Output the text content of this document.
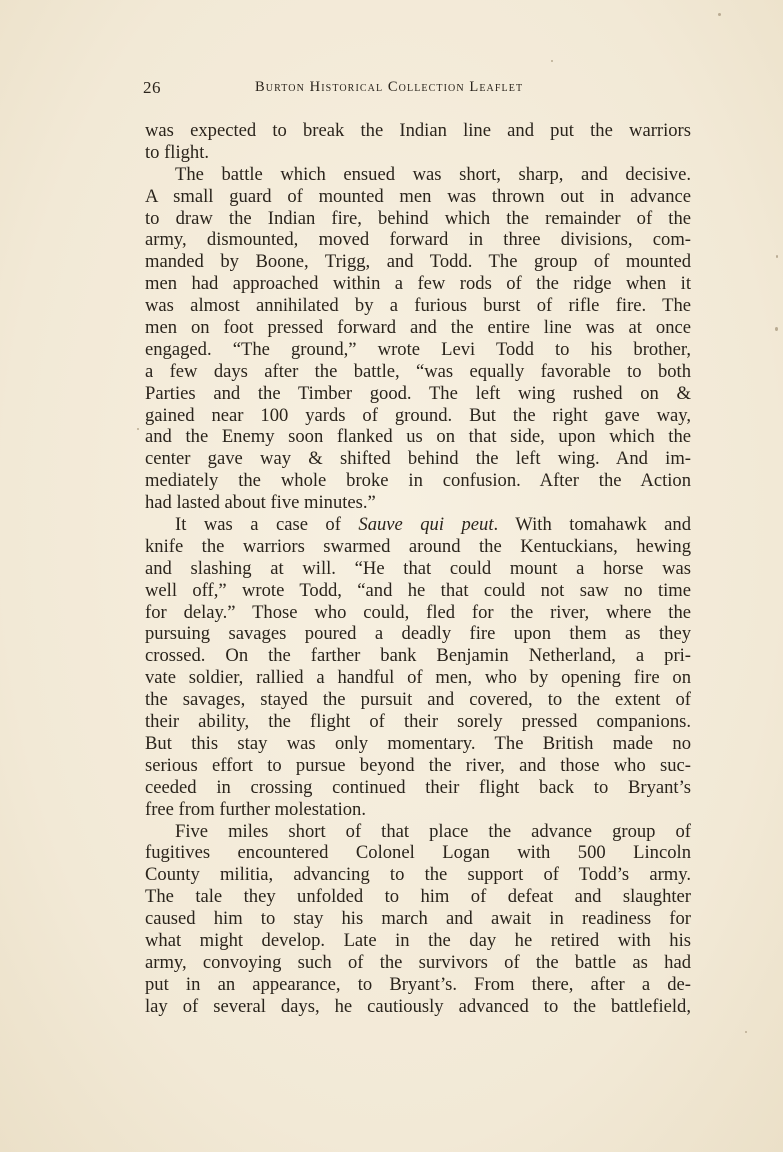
26	Burton Historical Collection Leaflet
was expected to break the Indian line and put the warriors
to flight.
The battle which ensued was short, sharp, and decisive.
A small guard of mounted men was thrown out in advance
to draw the Indian fire, behind which the remainder of the
army, dismounted, moved forward in three divisions, com-
manded by Boone, Trigg, and Todd. The group of mounted
men had approached within a few rods of the ridge when it
was almost annihilated by a furious burst of rifle fire. The
men on foot pressed forward and the entire line was at once
engaged. “The ground,” wrote Levi Todd to his brother,
a few days after the battle, “was equally favorable to both
Parties and the Timber good. The left wing rushed on &
gained near 100 yards of ground. But the right gave way,
and the Enemy soon flanked us on that side, upon which the
center gave way & shifted behind the left wing. And im-
mediately the whole broke in confusion. After the Action
had lasted about five minutes.”
It was a case of Sauve qui peut. With tomahawk and
knife the warriors swarmed around the Kentuckians, hewing
and slashing at will. “He that could mount a horse was
well off,” wrote Todd, “and he that could not saw no time
for delay.” Those who could, fled for the river, where the
pursuing savages poured a deadly fire upon them as they
crossed. On the farther bank Benjamin Netherland, a pri-
vate soldier, rallied a handful of men, who by opening fire on
the savages, stayed the pursuit and covered, to the extent of
their ability, the flight of their sorely pressed companions.
But this stay was only momentary. The British made no
serious effort to pursue beyond the river, and those who suc-
ceeded in crossing continued their flight back to Bryant’s
free from further molestation.
Five miles short of that place the advance group of
fugitives encountered Colonel Logan with 500 Lincoln
County militia, advancing to the support of Todd’s army.
The tale they unfolded to him of defeat and slaughter
caused him to stay his march and await in readiness for
what might develop. Late in the day he retired with his
army, convoying such of the survivors of the battle as had
put in an appearance, to Bryant’s. From there, after a de-
lay of several days, he cautiously advanced to the battlefield,
